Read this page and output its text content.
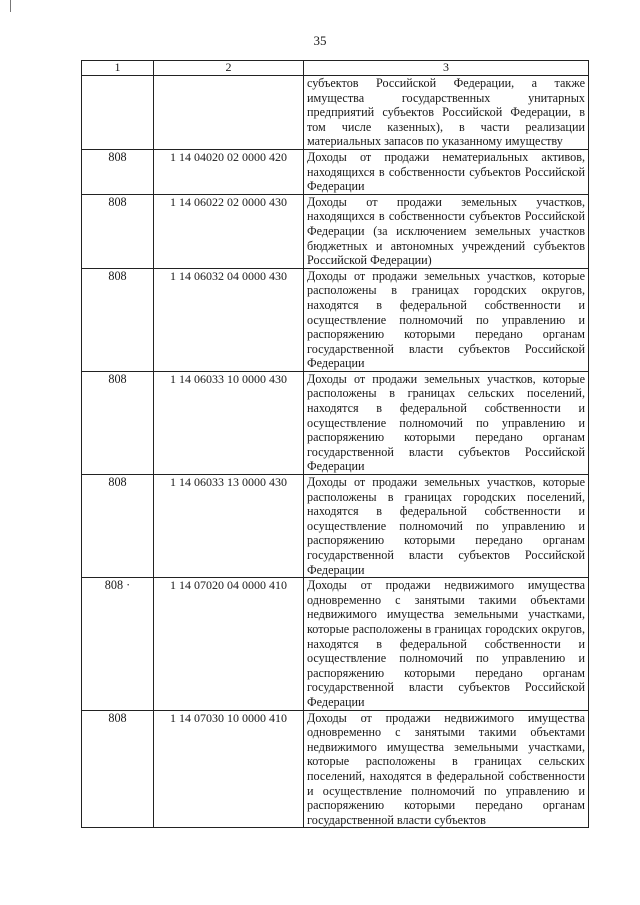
35
1	2	3
		субъектов Российской Федерации, а также имущества государственных унитарных предприятий субъектов Российской Федерации, в том числе казенных), в части реализации материальных запасов по указанному имуществу
808	1 14 04020 02 0000 420	Доходы от продажи нематериальных активов, находящихся в собственности субъектов Российской Федерации
808	1 14 06022 02 0000 430	Доходы от продажи земельных участков, находящихся в собственности субъектов Российской Федерации (за исключением земельных участков бюджетных и автономных учреждений субъектов Российской Федерации)
808	1 14 06032 04 0000 430	Доходы от продажи земельных участков, которые расположены в границах городских округов, находятся в федеральной собственности и осуществление полномочий по управлению и распоряжению которыми передано органам государственной власти субъектов Российской Федерации
808	1 14 06033 10 0000 430	Доходы от продажи земельных участков, которые расположены в границах сельских поселений, находятся в федеральной собственности и осуществление полномочий по управлению и распоряжению которыми передано органам государственной власти субъектов Российской Федерации
808	1 14 06033 13 0000 430	Доходы от продажи земельных участков, которые расположены в границах городских поселений, находятся в федеральной собственности и осуществление полномочий по управлению и распоряжению которыми передано органам государственной власти субъектов Российской Федерации
808 ·	1 14 07020 04 0000 410	Доходы от продажи недвижимого имущества одновременно с занятыми такими объектами недвижимого имущества земельными участками, которые расположены в границах городских округов, находятся в федеральной собственности и осуществление полномочий по управлению и распоряжению которыми передано органам государственной власти субъектов Российской Федерации
808	1 14 07030 10 0000 410	Доходы от продажи недвижимого имущества одновременно с занятыми такими объектами недвижимого имущества земельными участками, которые расположены в границах сельских поселений, находятся в федеральной собственности и осуществление полномочий по управлению и распоряжению которыми передано органам государственной власти субъектов
